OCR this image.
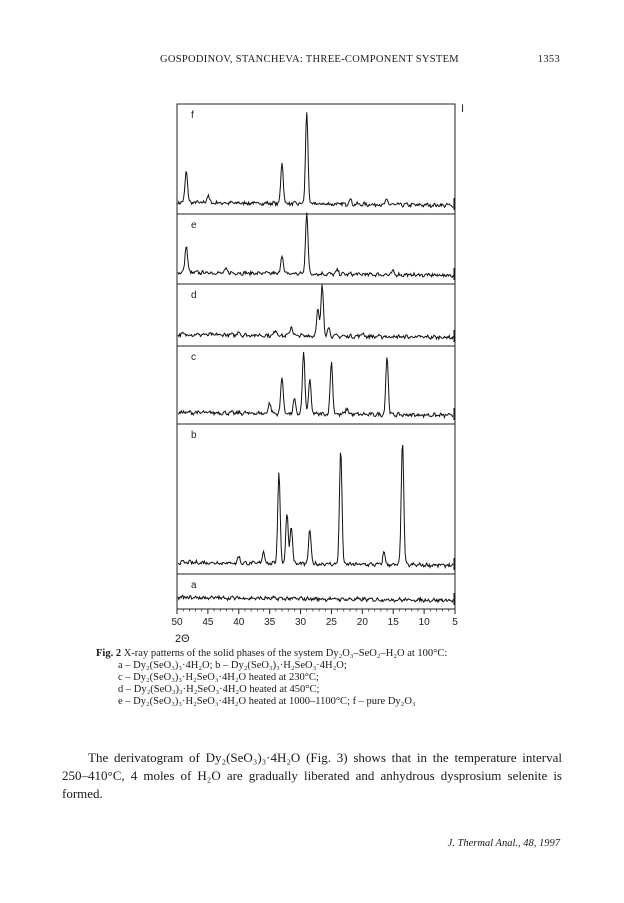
GOSPODINOV, STANCHEVA: THREE-COMPONENT SYSTEM	1353
f
e
d
c
b
a
I
50 45 40 35 30 25 20 15 10 5
2Θ
Fig. 2 X-ray patterns of the solid phases of the system Dy₂O₃–SeO₂–H₂O at 100°C:
a – Dy₂(SeO₃)₃·4H₂O; b – Dy₂(SeO₃)₃·H₂SeO₃·4H₂O;
c – Dy₂(SeO₃)₃·H₂SeO₃·4H₂O heated at 230°C;
d – Dy₂(SeO₃)₃·H₂SeO₃·4H₂O heated at 450°C;
e – Dy₂(SeO₃)₃·H₂SeO₃·4H₂O heated at 1000–1100°C; f – pure Dy₂O₃

The derivatogram of Dy₂(SeO₃)₃·4H₂O (Fig. 3) shows that in the temperature interval 250–410°C, 4 moles of H₂O are gradually liberated and anhydrous dysprosium selenite is formed.

J. Thermal Anal., 48, 1997
